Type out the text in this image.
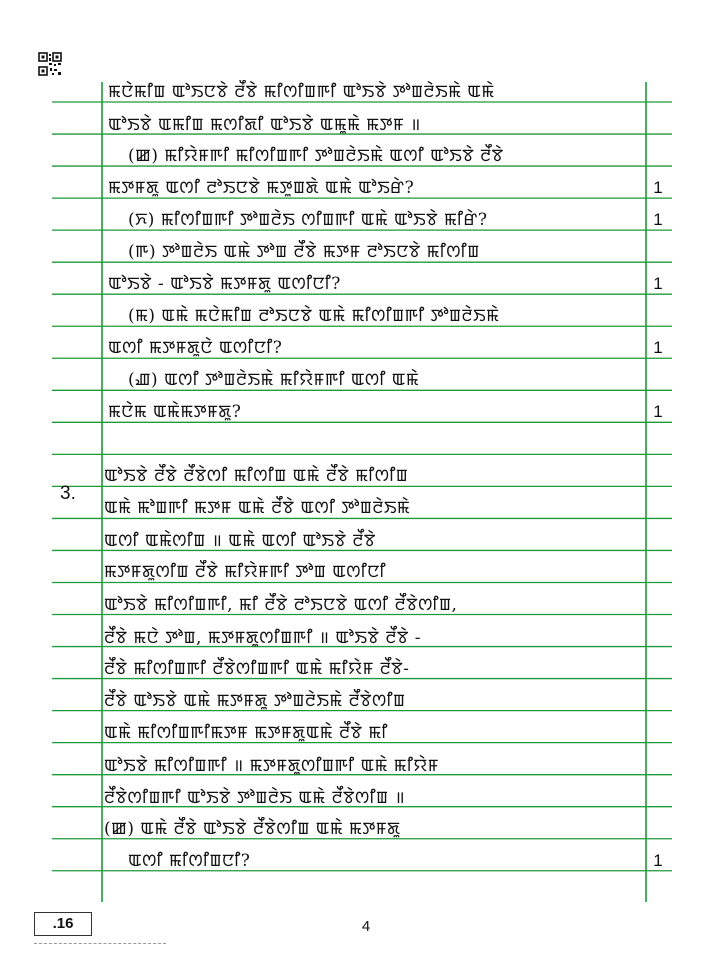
ꯃꯅꯥꯃꯤꯡ ꯑꯣꯏꯅꯕꯥ ꯂꯩꯕꯥ ꯃꯤꯁꯤꯡꯒꯤ ꯑꯣꯏꯕꯥ ꯇꯣꯡꯂꯥꯏꯃꯥ ꯑꯃꯥ
ꯑꯣꯏꯕꯥ ꯑꯃꯤꯡ ꯃꯁꯤꯗꯤ ꯑꯣꯏꯕꯥ ꯑꯃꯨꯃꯥ ꯃꯇꯝ ॥
(ꯀ) ꯃꯤꯌꯥꯝꯒꯤ ꯃꯤꯁꯤꯡꯒꯤ ꯇꯣꯡꯂꯥꯏꯃꯥ ꯑꯁꯤ ꯑꯣꯏꯕꯥ ꯂꯩꯕꯥ
ꯃꯇꯝꯗꯨ ꯑꯁꯤ ꯂꯣꯏꯅꯕꯥ ꯃꯇꯨꯡꯗꯥ ꯑꯃꯥ ꯑꯣꯏꯔꯥ?	1
(ꯈ) ꯃꯤꯁꯤꯡꯒꯤ ꯇꯣꯡꯂꯥꯏ ꯁꯤꯡꯒꯤ ꯑꯃꯥ ꯑꯣꯏꯕꯥ ꯃꯤꯔꯥ?	1
(ꯒ) ꯇꯣꯡꯂꯥꯏ ꯑꯃꯥ ꯇꯣꯡ ꯂꯩꯕꯥ ꯃꯇꯝ ꯂꯣꯏꯅꯕꯥ ꯃꯤꯁꯤꯡ
ꯑꯣꯏꯕꯥ - ꯑꯣꯏꯕꯥ ꯃꯇꯝꯗꯨ ꯑꯁꯤꯅꯤ?	1
(ꯃ) ꯑꯃꯥ ꯃꯅꯥꯃꯤꯡ ꯂꯣꯏꯅꯕꯥ ꯑꯃꯥ ꯃꯤꯁꯤꯡꯒꯤ ꯇꯣꯡꯂꯥꯏꯃꯥ
ꯑꯁꯤ ꯃꯇꯝꯗꯨꯅꯥ ꯑꯁꯤꯅꯤ?	1
(ꯉ) ꯑꯁꯤ ꯇꯣꯡꯂꯥꯏꯃꯥ ꯃꯤꯌꯥꯝꯒꯤ ꯑꯁꯤ ꯑꯃꯥ
ꯃꯅꯥꯃ ꯑꯃꯥꯃꯇꯝꯗꯨ?	1
ꯑꯣꯏꯕꯥ ꯂꯩꯕꯥ ꯂꯩꯕꯥꯁꯤ ꯃꯤꯁꯤꯡ ꯑꯃꯥ ꯂꯩꯕꯥ ꯃꯤꯁꯤꯡ
ꯑꯃꯥ ꯃꯣꯡꯒꯤ ꯃꯇꯝ ꯑꯃꯥ ꯂꯩꯕꯥ ꯑꯁꯤ ꯇꯣꯡꯂꯥꯏꯃꯥ
ꯑꯁꯤ ꯑꯃꯥꯁꯤꯡ ॥ ꯑꯃꯥ ꯑꯁꯤ ꯑꯣꯏꯕꯥ ꯂꯩꯕꯥ
ꯃꯇꯝꯗꯨꯁꯤꯡ ꯂꯩꯕꯥ ꯃꯤꯌꯥꯝꯒꯤ ꯇꯣꯡ ꯑꯁꯤꯅꯤ
ꯑꯣꯏꯕꯥ ꯃꯤꯁꯤꯡꯒꯤ, ꯃꯤ ꯂꯩꯕꯥ ꯂꯣꯏꯅꯕꯥ ꯑꯁꯤ ꯂꯩꯕꯥꯁꯤꯡ,
ꯂꯩꯕꯥ ꯃꯅꯥ ꯇꯣꯡ, ꯃꯇꯝꯗꯨꯁꯤꯡꯒꯤ ॥ ꯑꯣꯏꯕꯥ ꯂꯩꯕꯥ -
ꯂꯩꯕꯥ ꯃꯤꯁꯤꯡꯒꯤ ꯂꯩꯕꯥꯁꯤꯡꯒꯤ ꯑꯃꯥ ꯃꯤꯌꯥꯝ ꯂꯩꯕꯥ-
ꯂꯩꯕꯥ ꯑꯣꯏꯕꯥ ꯑꯃꯥ ꯃꯇꯝꯗꯨ ꯇꯣꯡꯂꯥꯏꯃꯥ ꯂꯩꯕꯥꯁꯤꯡ
ꯑꯃꯥ ꯃꯤꯁꯤꯡꯒꯤꯃꯇꯝ ꯃꯇꯝꯗꯨꯑꯃꯥ ꯂꯩꯕꯥ ꯃꯤ
ꯑꯣꯏꯕꯥ ꯃꯤꯁꯤꯡꯒꯤ ॥ ꯃꯇꯝꯗꯨꯁꯤꯡꯒꯤ ꯑꯃꯥ ꯃꯤꯌꯥꯝ
ꯂꯩꯕꯥꯁꯤꯡꯒꯤ ꯑꯣꯏꯕꯥ ꯇꯣꯡꯂꯥꯏ ꯑꯃꯥ ꯂꯩꯕꯥꯁꯤꯡ ॥
(ꯀ) ꯑꯃꯥ ꯂꯩꯕꯥ ꯑꯣꯏꯕꯥ ꯂꯩꯕꯥꯁꯤꯡ ꯑꯃꯥ ꯃꯇꯝꯗꯨ
ꯑꯁꯤ ꯃꯤꯁꯤꯡꯅꯤ?	1
3.
.16	4
